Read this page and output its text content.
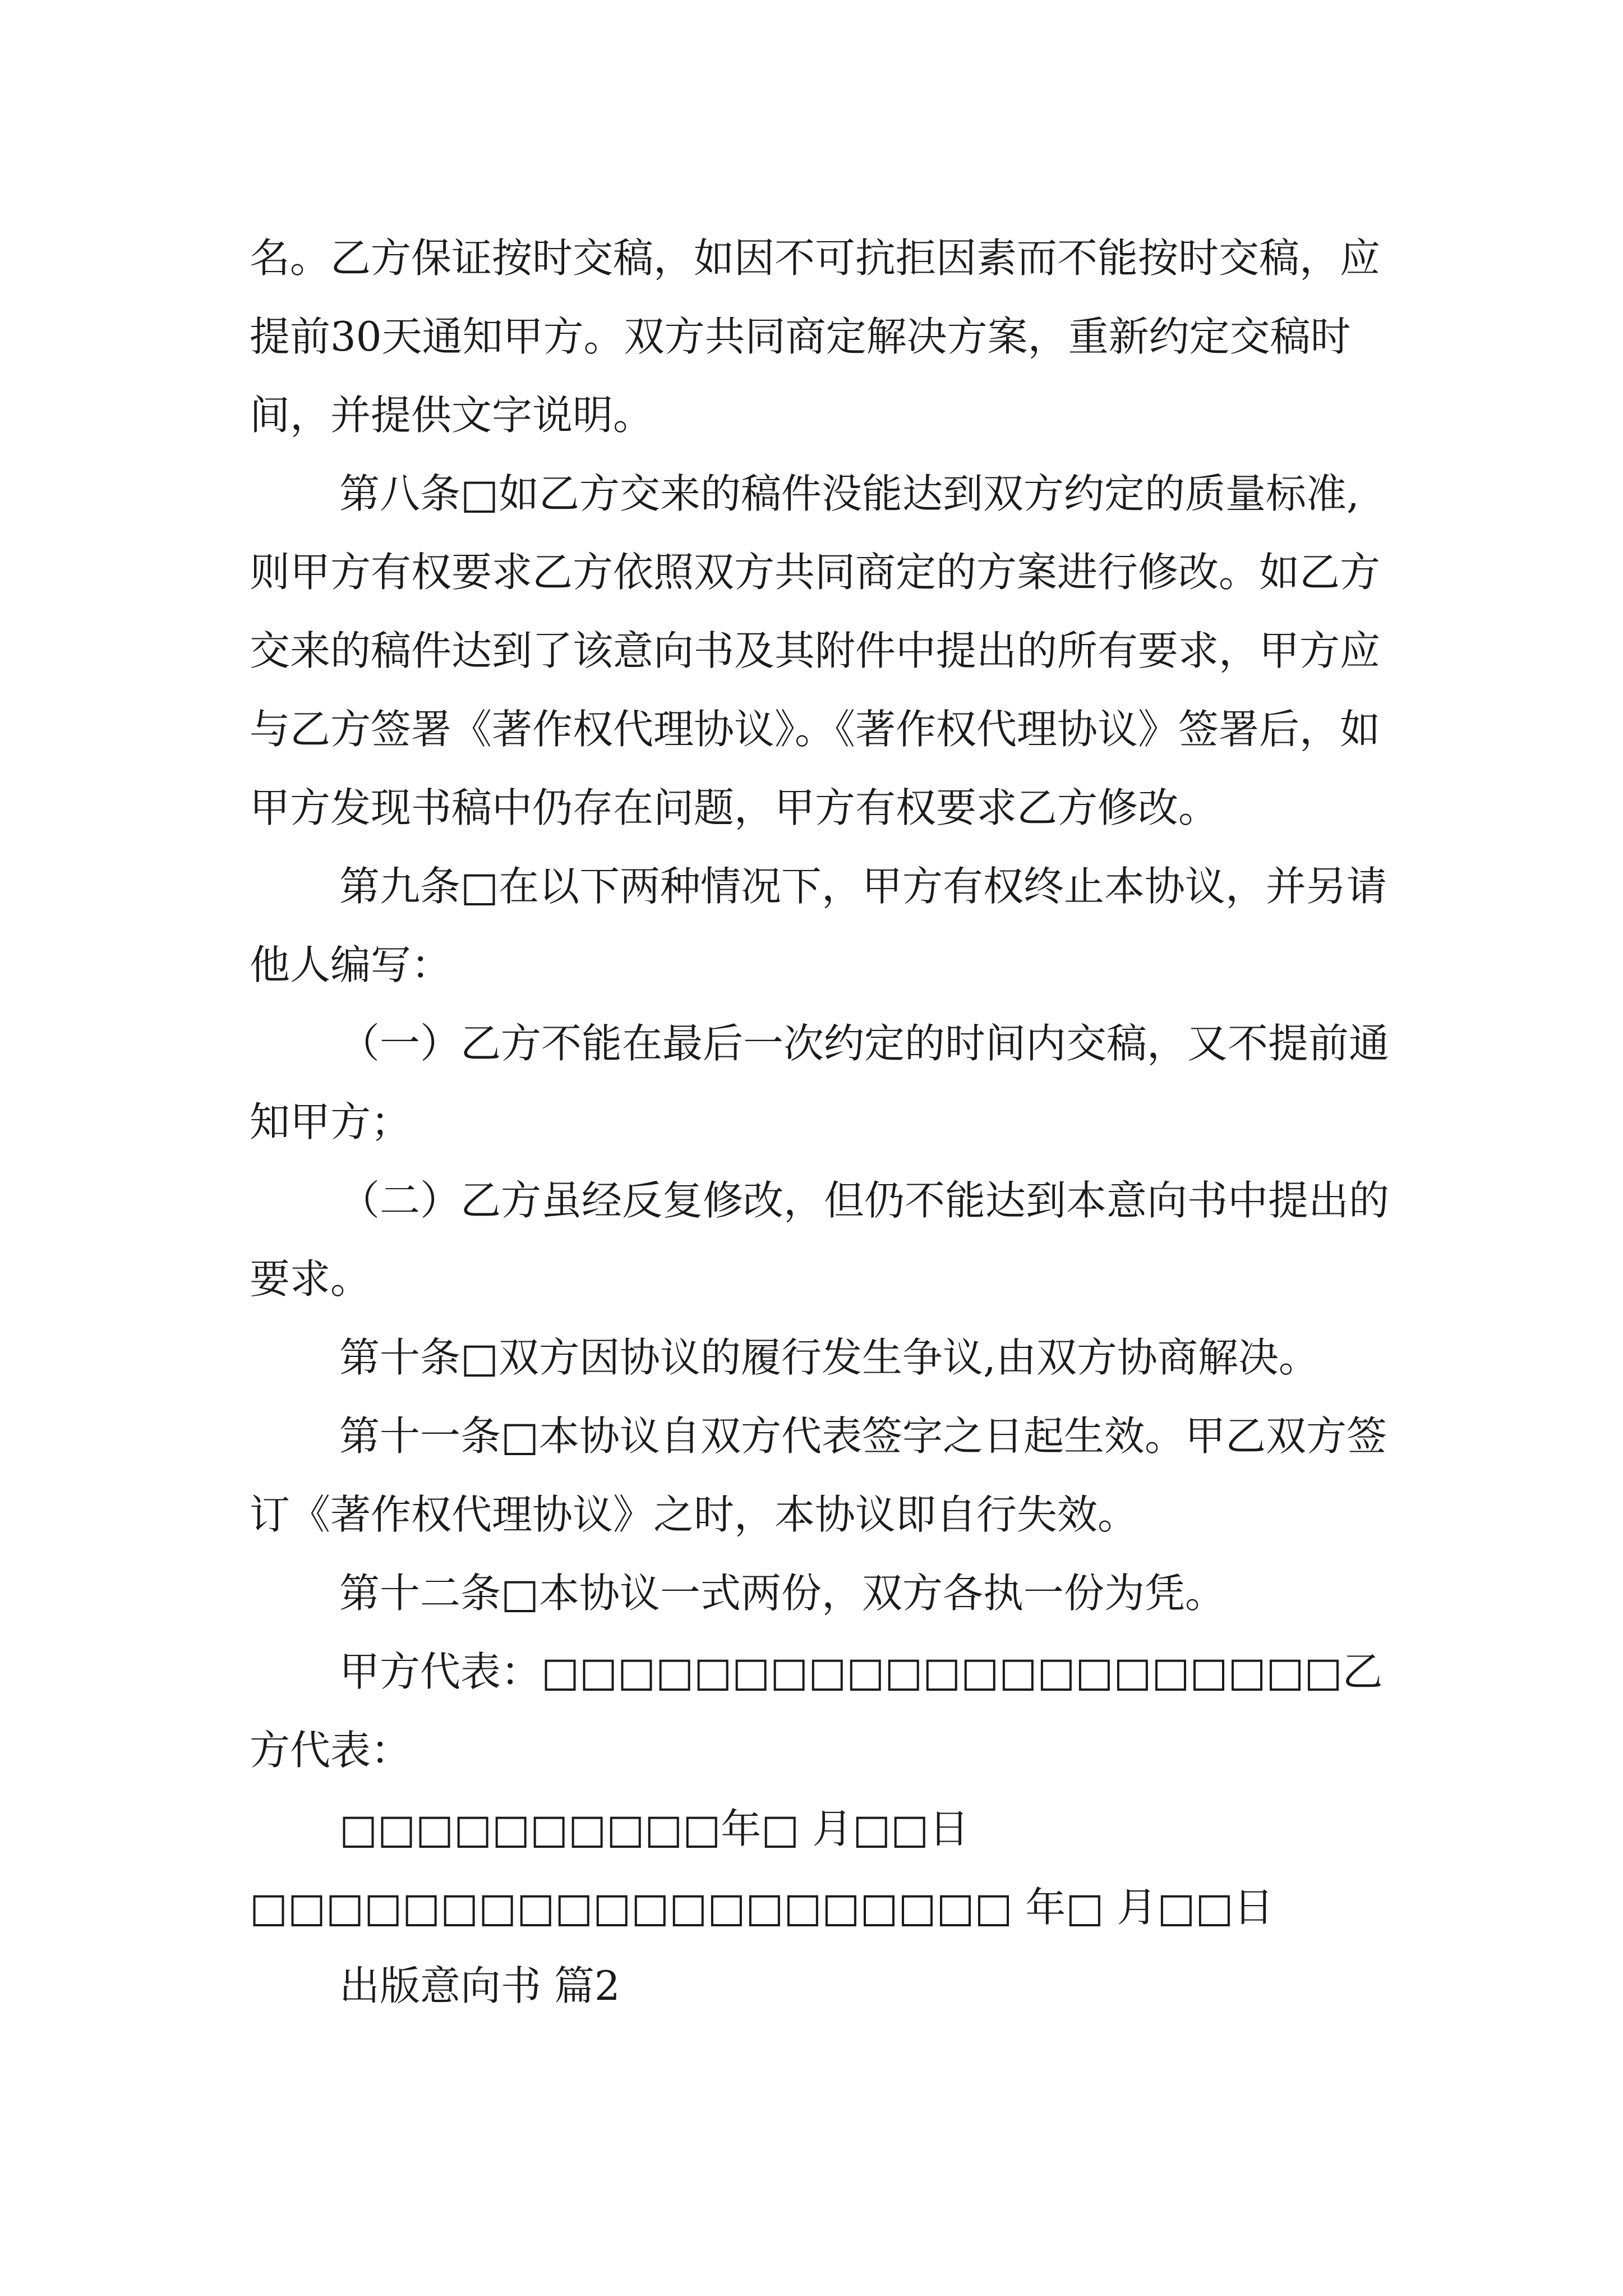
名。乙方保证按时交稿，如因不可抗拒因素而不能按时交稿，应提前30天通知甲方。双方共同商定解决方案，重新约定交稿时间，并提供文字说明。

第八条□如乙方交来的稿件没能达到双方约定的质量标准,则甲方有权要求乙方依照双方共同商定的方案进行修改。如乙方交来的稿件达到了该意向书及其附件中提出的所有要求，甲方应与乙方签署《著作权代理协议》。《著作权代理协议》签署后，如甲方发现书稿中仍存在问题，甲方有权要求乙方修改。

第九条□在以下两种情况下，甲方有权终止本协议，并另请他人编写：

（一）乙方不能在最后一次约定的时间内交稿，又不提前通知甲方；

（二）乙方虽经反复修改，但仍不能达到本意向书中提出的要求。

第十条□双方因协议的履行发生争议,由双方协商解决。

第十一条□本协议自双方代表签字之日起生效。甲乙双方签订《著作权代理协议》之时，本协议即自行失效。

第十二条□本协议一式两份，双方各执一份为凭。

甲方代表：□□□□□□□□□□□□□□□□□□□□□乙方代表：

□□□□□□□□□□年□ 月□□日□□□□□□□□□□□□□□□□□□□□ 年□ 月□□日

出版意向书 篇2
